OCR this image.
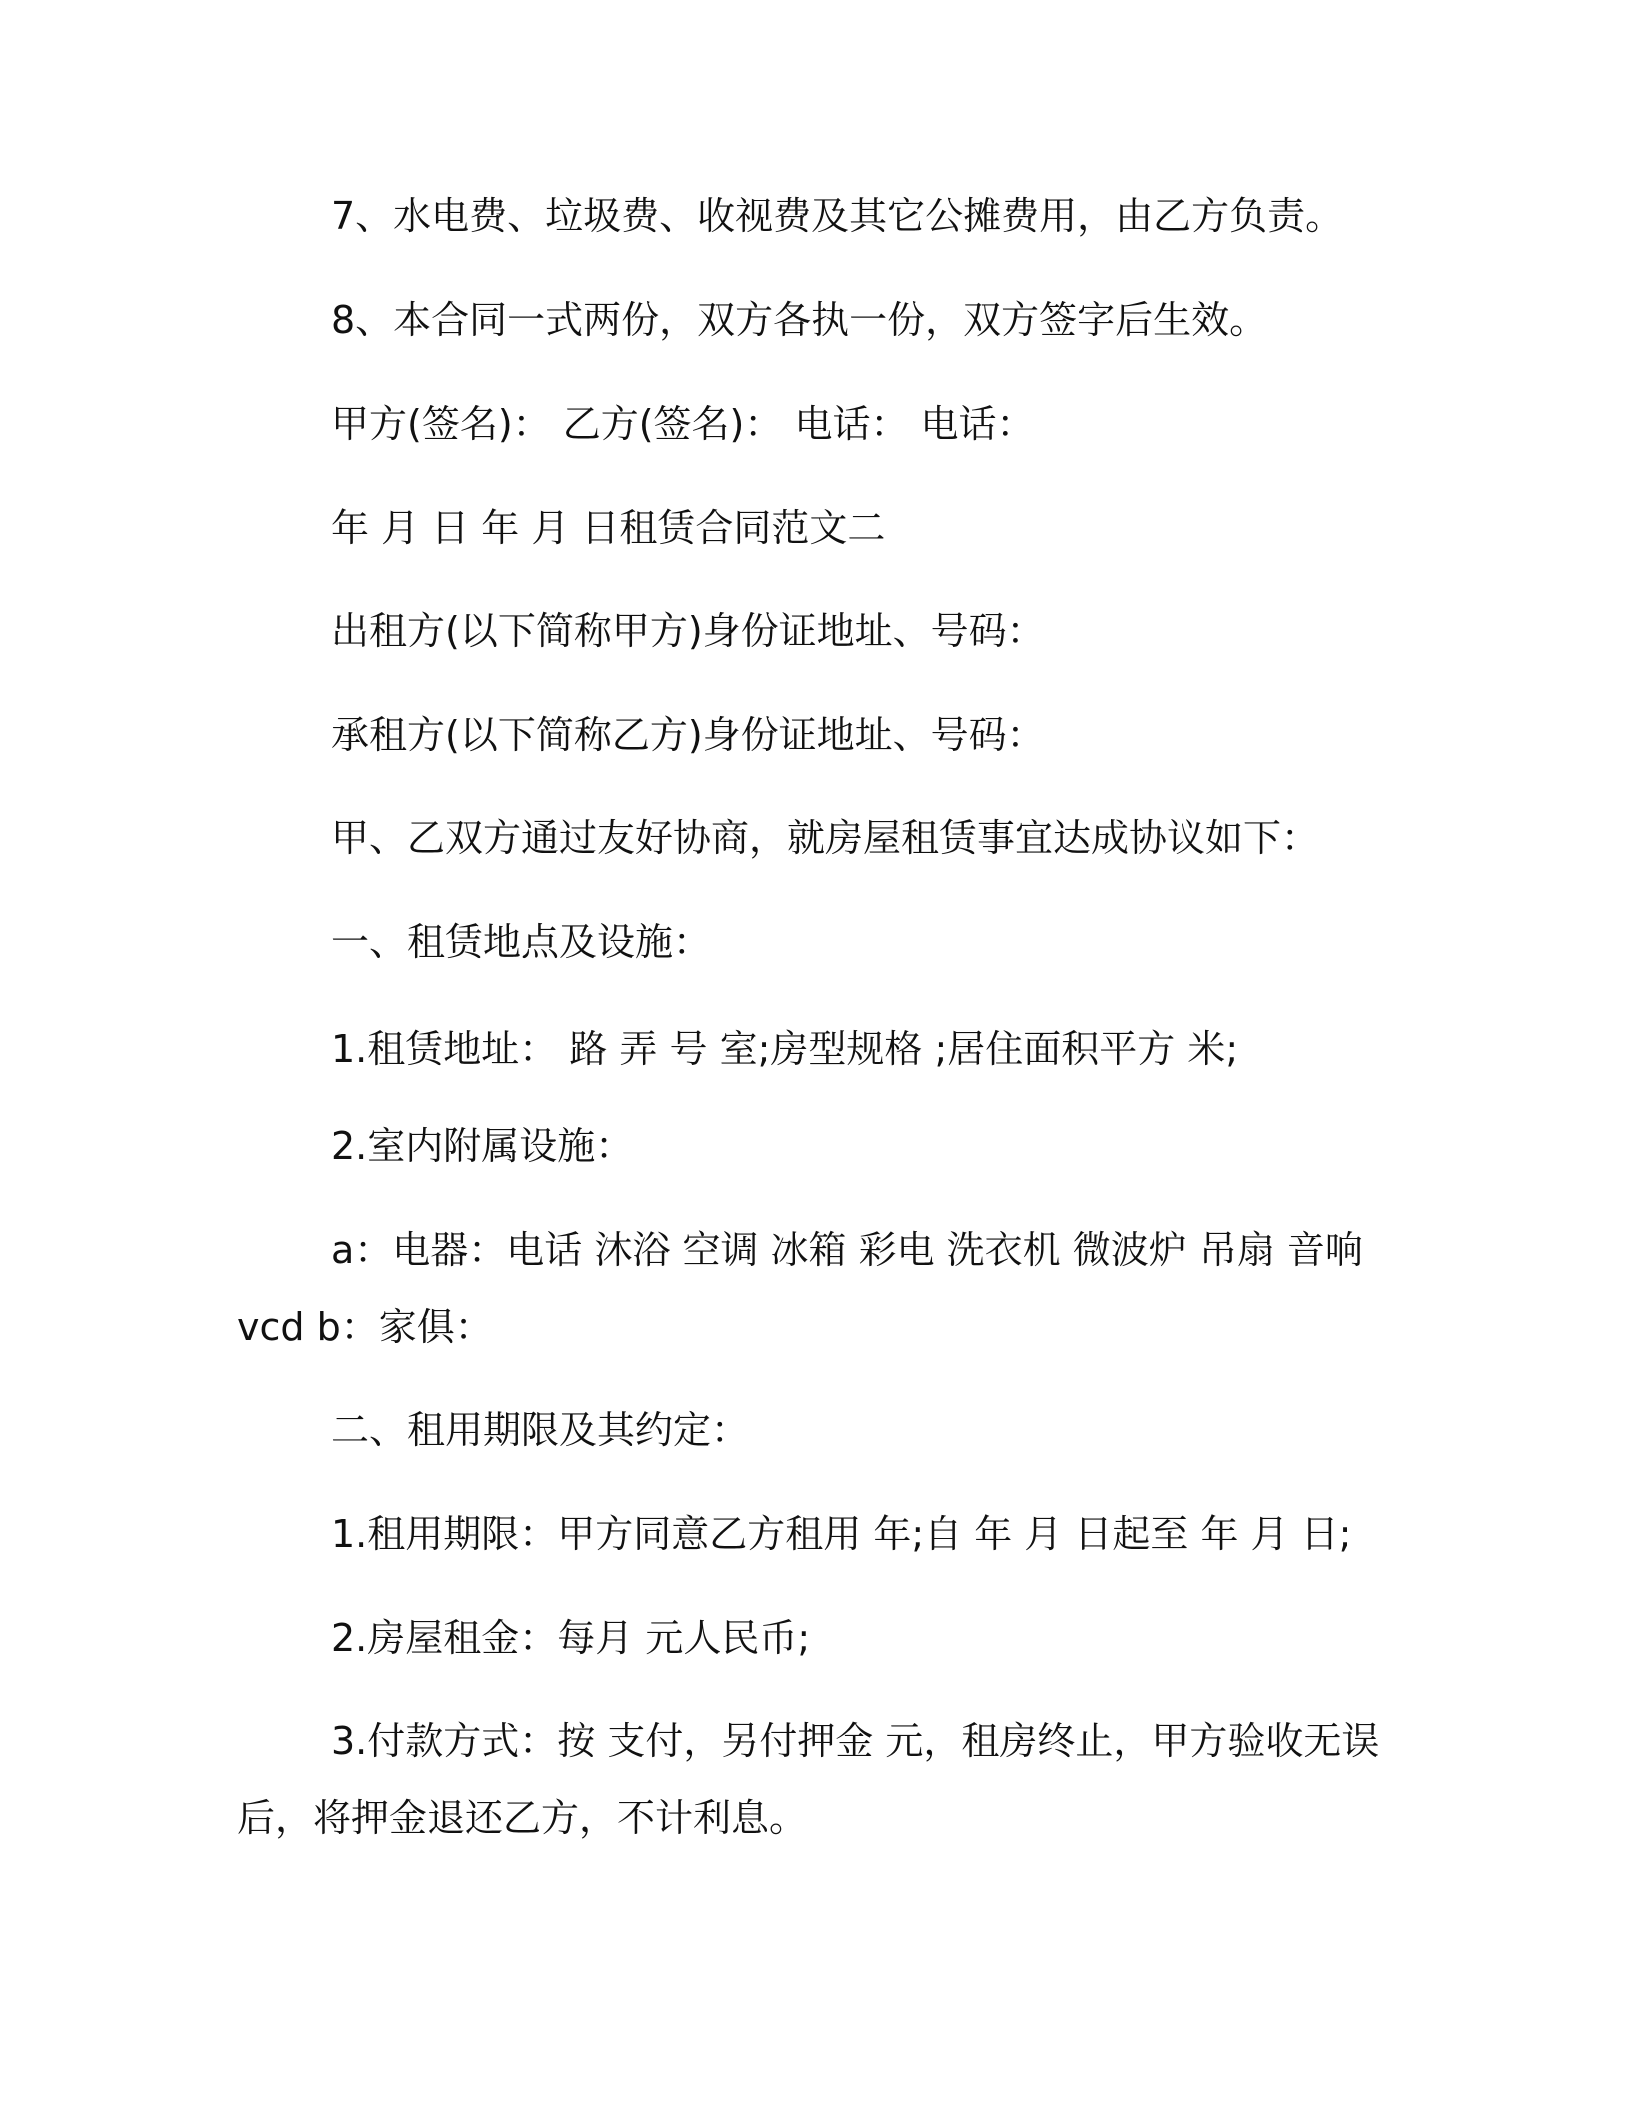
7、水电费、垃圾费、收视费及其它公摊费用，由乙方负责。

8、本合同一式两份，双方各执一份，双方签字后生效。

甲方(签名)： 乙方(签名)： 电话： 电话：

年 月 日 年 月 日租赁合同范文二

出租方(以下简称甲方)身份证地址、号码：

承租方(以下简称乙方)身份证地址、号码：

甲、乙双方通过友好协商，就房屋租赁事宜达成协议如下：

一、租赁地点及设施：

1.租赁地址： 路 弄 号 室;房型规格 ;居住面积平方 米;

2.室内附属设施：

a：电器：电话 沐浴 空调 冰箱 彩电 洗衣机 微波炉 吊扇 音响

vcd b：家俱：

二、租用期限及其约定：

1.租用期限：甲方同意乙方租用 年;自 年 月 日起至 年 月 日;

2.房屋租金：每月 元人民币;

3.付款方式：按 支付，另付押金 元，租房终止，甲方验收无误

后，将押金退还乙方，不计利息。
